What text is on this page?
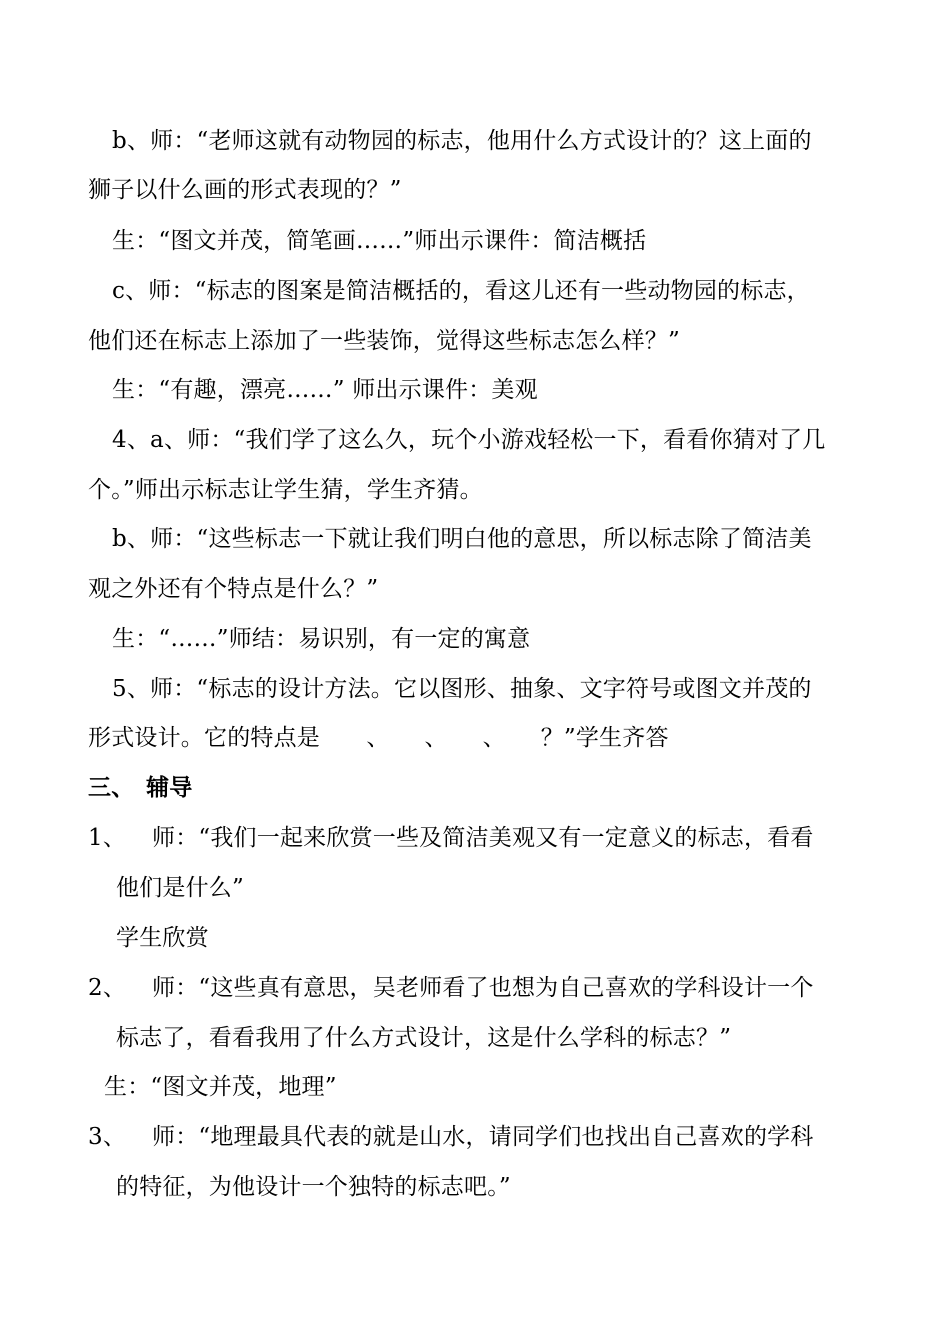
b、师：“老师这就有动物园的标志，他用什么方式设计的？这上面的
狮子以什么画的形式表现的？”
生：“图文并茂，简笔画……”师出示课件：简洁概括
c、师：“标志的图案是简洁概括的，看这儿还有一些动物园的标志，
他们还在标志上添加了一些装饰，觉得这些标志怎么样？”
生：“有趣，漂亮……” 师出示课件：美观
4、a、师：“我们学了这么久，玩个小游戏轻松一下，看看你猜对了几
个。”师出示标志让学生猜，学生齐猜。
b、师：“这些标志一下就让我们明白他的意思，所以标志除了简洁美
观之外还有个特点是什么？”
生：“……”师结：易识别，有一定的寓意
5、师：“标志的设计方法。它以图形、抽象、文字符号或图文并茂的
形式设计。它的特点是　　、　　、　　、　　？”学生齐答
三、　辅导
1、 师：“我们一起来欣赏一些及简洁美观又有一定意义的标志，看看
他们是什么”
学生欣赏
2、 师：“这些真有意思，吴老师看了也想为自己喜欢的学科设计一个
标志了，看看我用了什么方式设计，这是什么学科的标志？”
生：“图文并茂，地理”
3、 师：“地理最具代表的就是山水，请同学们也找出自己喜欢的学科
的特征，为他设计一个独特的标志吧。”
